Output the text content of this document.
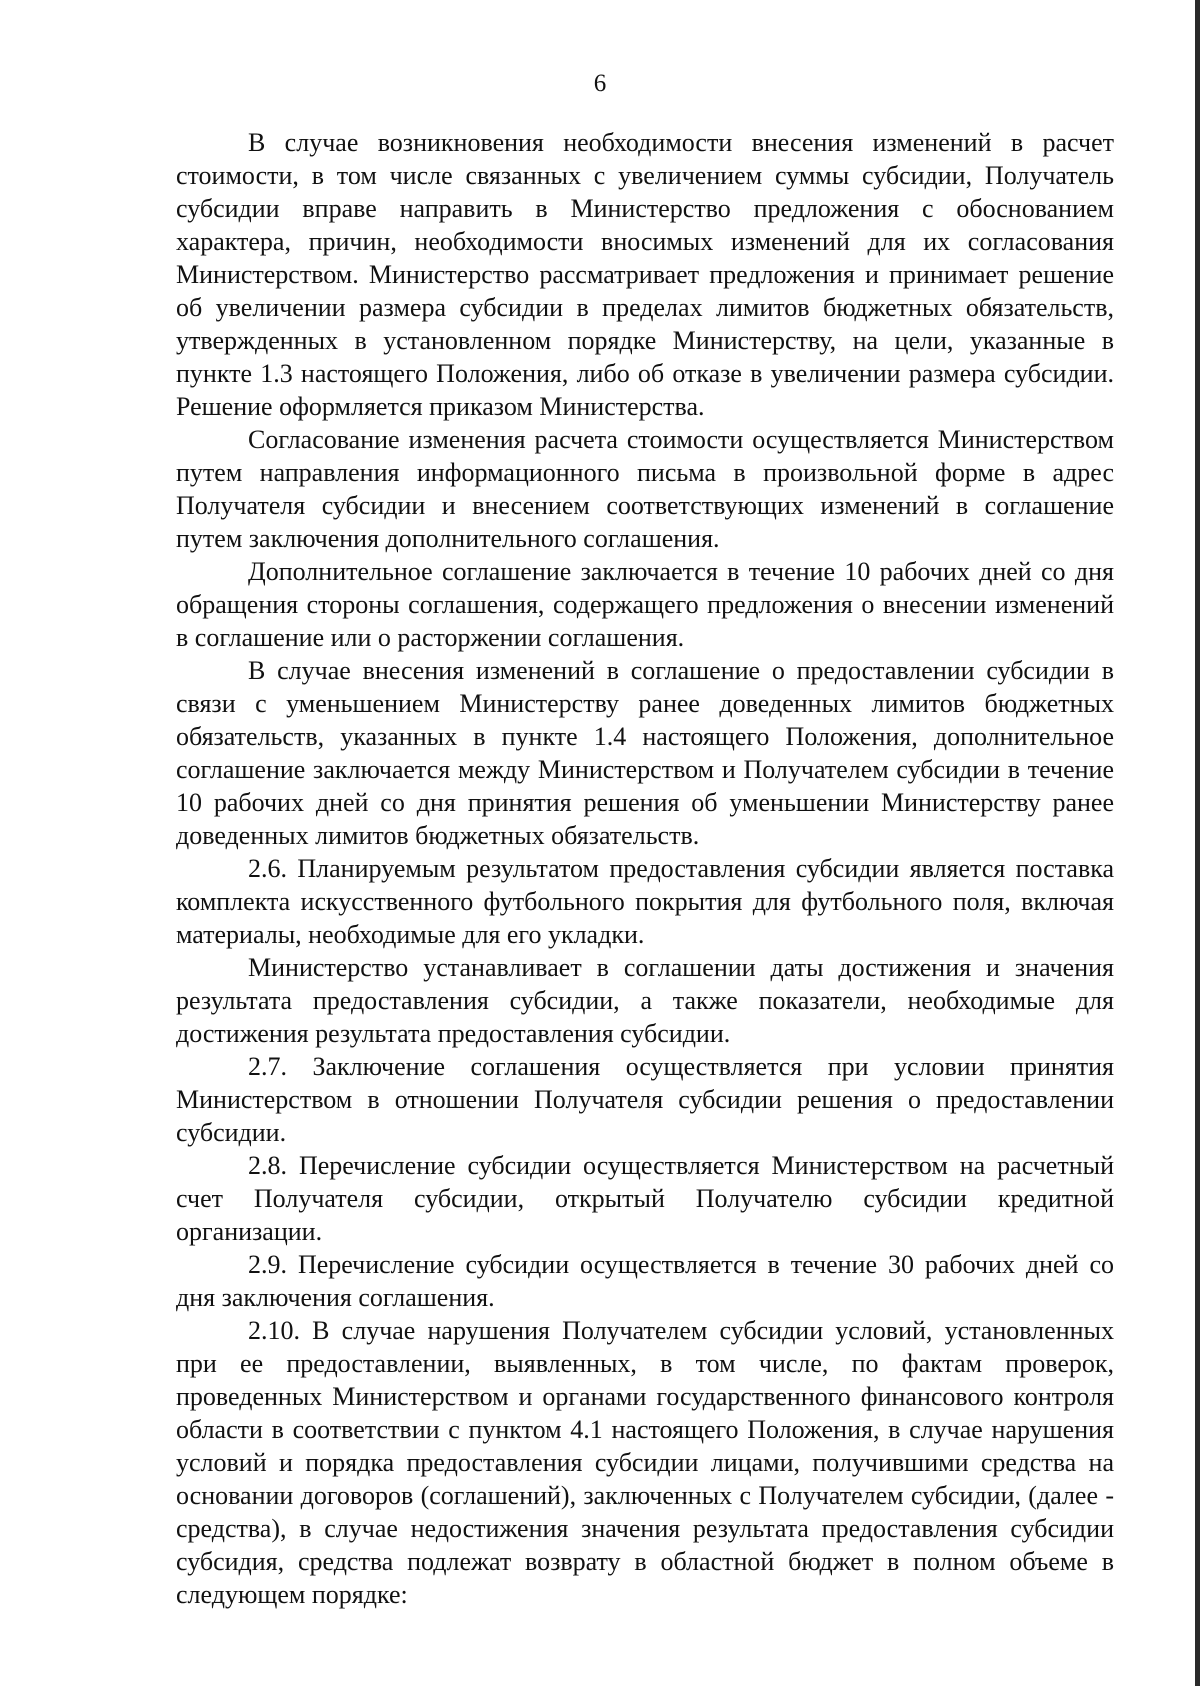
6

В случае возникновения необходимости внесения изменений в расчет стоимости, в том числе связанных с увеличением суммы субсидии, Получатель субсидии вправе направить в Министерство предложения с обоснованием характера, причин, необходимости вносимых изменений для их согласования Министерством. Министерство рассматривает предложения и принимает решение об увеличении размера субсидии в пределах лимитов бюджетных обязательств, утвержденных в установленном порядке Министерству, на цели, указанные в пункте 1.3 настоящего Положения, либо об отказе в увеличении размера субсидии. Решение оформляется приказом Министерства.

Согласование изменения расчета стоимости осуществляется Министерством путем направления информационного письма в произвольной форме в адрес Получателя субсидии и внесением соответствующих изменений в соглашение путем заключения дополнительного соглашения.

Дополнительное соглашение заключается в течение 10 рабочих дней со дня обращения стороны соглашения, содержащего предложения о внесении изменений в соглашение или о расторжении соглашения.

В случае внесения изменений в соглашение о предоставлении субсидии в связи с уменьшением Министерству ранее доведенных лимитов бюджетных обязательств, указанных в пункте 1.4 настоящего Положения, дополнительное соглашение заключается между Министерством и Получателем субсидии в течение 10 рабочих дней со дня принятия решения об уменьшении Министерству ранее доведенных лимитов бюджетных обязательств.

2.6. Планируемым результатом предоставления субсидии является поставка комплекта искусственного футбольного покрытия для футбольного поля, включая материалы, необходимые для его укладки.

Министерство устанавливает в соглашении даты достижения и значения результата предоставления субсидии, а также показатели, необходимые для достижения результата предоставления субсидии.

2.7. Заключение соглашения осуществляется при условии принятия Министерством в отношении Получателя субсидии решения о предоставлении субсидии.

2.8. Перечисление субсидии осуществляется Министерством на расчетный счет Получателя субсидии, открытый Получателю субсидии кредитной организации.

2.9. Перечисление субсидии осуществляется в течение 30 рабочих дней со дня заключения соглашения.

2.10. В случае нарушения Получателем субсидии условий, установленных при ее предоставлении, выявленных, в том числе, по фактам проверок, проведенных Министерством и органами государственного финансового контроля области в соответствии с пунктом 4.1 настоящего Положения, в случае нарушения условий и порядка предоставления субсидии лицами, получившими средства на основании договоров (соглашений), заключенных с Получателем субсидии, (далее - средства), в случае недостижения значения результата предоставления субсидии субсидия, средства подлежат возврату в областной бюджет в полном объеме в следующем порядке:
